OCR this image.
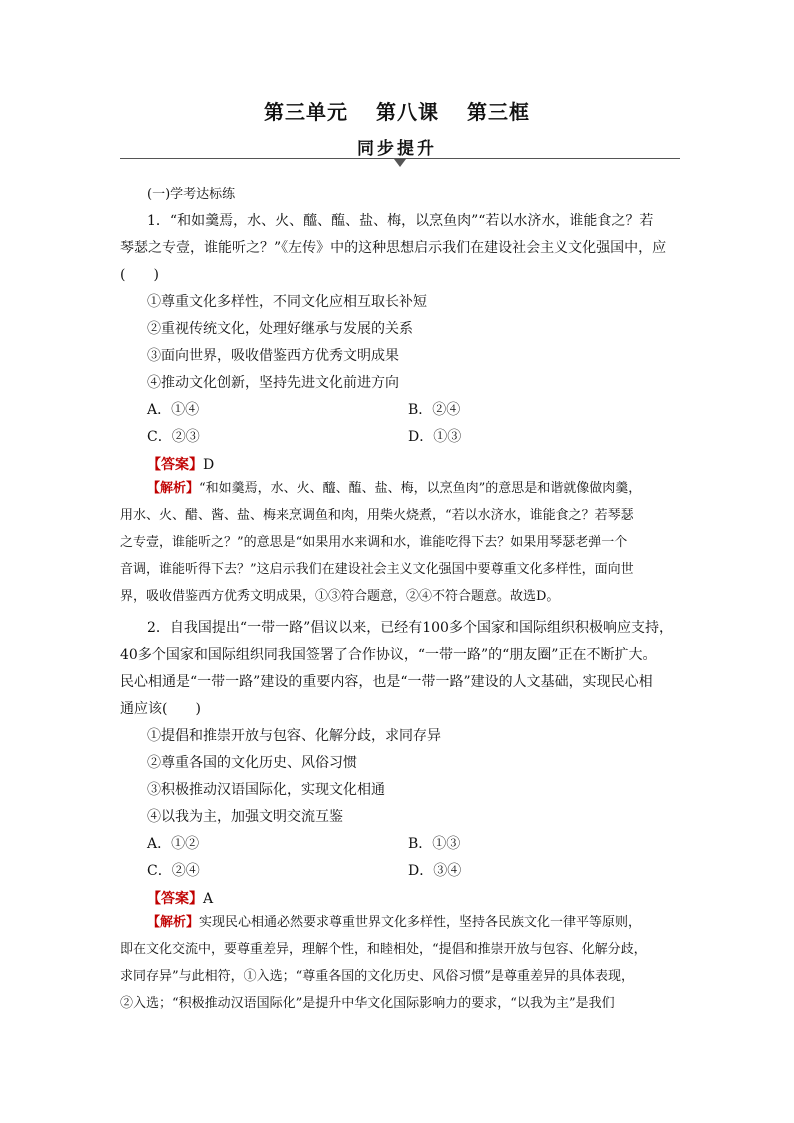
第三单元 第八课 第三框
同步提升
(一)学考达标练
1．“和如羹焉，水、火、醯、醢、盐、梅，以烹鱼肉”“若以水济水，谁能食之？若
琴瑟之专壹，谁能听之？”《左传》中的这种思想启示我们在建设社会主义文化强国中，应
(　　)
①尊重文化多样性，不同文化应相互取长补短
②重视传统文化，处理好继承与发展的关系
③面向世界，吸收借鉴西方优秀文明成果
④推动文化创新，坚持先进文化前进方向
A．①④	B．②④
C．②③	D．①③
【答案】D
【解析】“和如羹焉，水、火、醯、醢、盐、梅，以烹鱼肉”的意思是和谐就像做肉羹，
用水、火、醋、酱、盐、梅来烹调鱼和肉，用柴火烧煮，“若以水济水，谁能食之？若琴瑟
之专壹，谁能听之？”的意思是“如果用水来调和水，谁能吃得下去？如果用琴瑟老弹一个
音调，谁能听得下去？”这启示我们在建设社会主义文化强国中要尊重文化多样性，面向世
界，吸收借鉴西方优秀文明成果，①③符合题意，②④不符合题意。故选D。
2．自我国提出“一带一路”倡议以来，已经有100多个国家和国际组织积极响应支持，
40多个国家和国际组织同我国签署了合作协议，“一带一路”的“朋友圈”正在不断扩大。
民心相通是“一带一路”建设的重要内容，也是“一带一路”建设的人文基础，实现民心相
通应该(　　)
①提倡和推崇开放与包容、化解分歧，求同存异
②尊重各国的文化历史、风俗习惯
③积极推动汉语国际化，实现文化相通
④以我为主，加强文明交流互鉴
A．①②	B．①③
C．②④	D．③④
【答案】A
【解析】实现民心相通必然要求尊重世界文化多样性，坚持各民族文化一律平等原则，
即在文化交流中，要尊重差异，理解个性，和睦相处，“提倡和推崇开放与包容、化解分歧，
求同存异”与此相符，①入选；“尊重各国的文化历史、风俗习惯”是尊重差异的具体表现，
②入选；“积极推动汉语国际化”是提升中华文化国际影响力的要求，“以我为主”是我们
